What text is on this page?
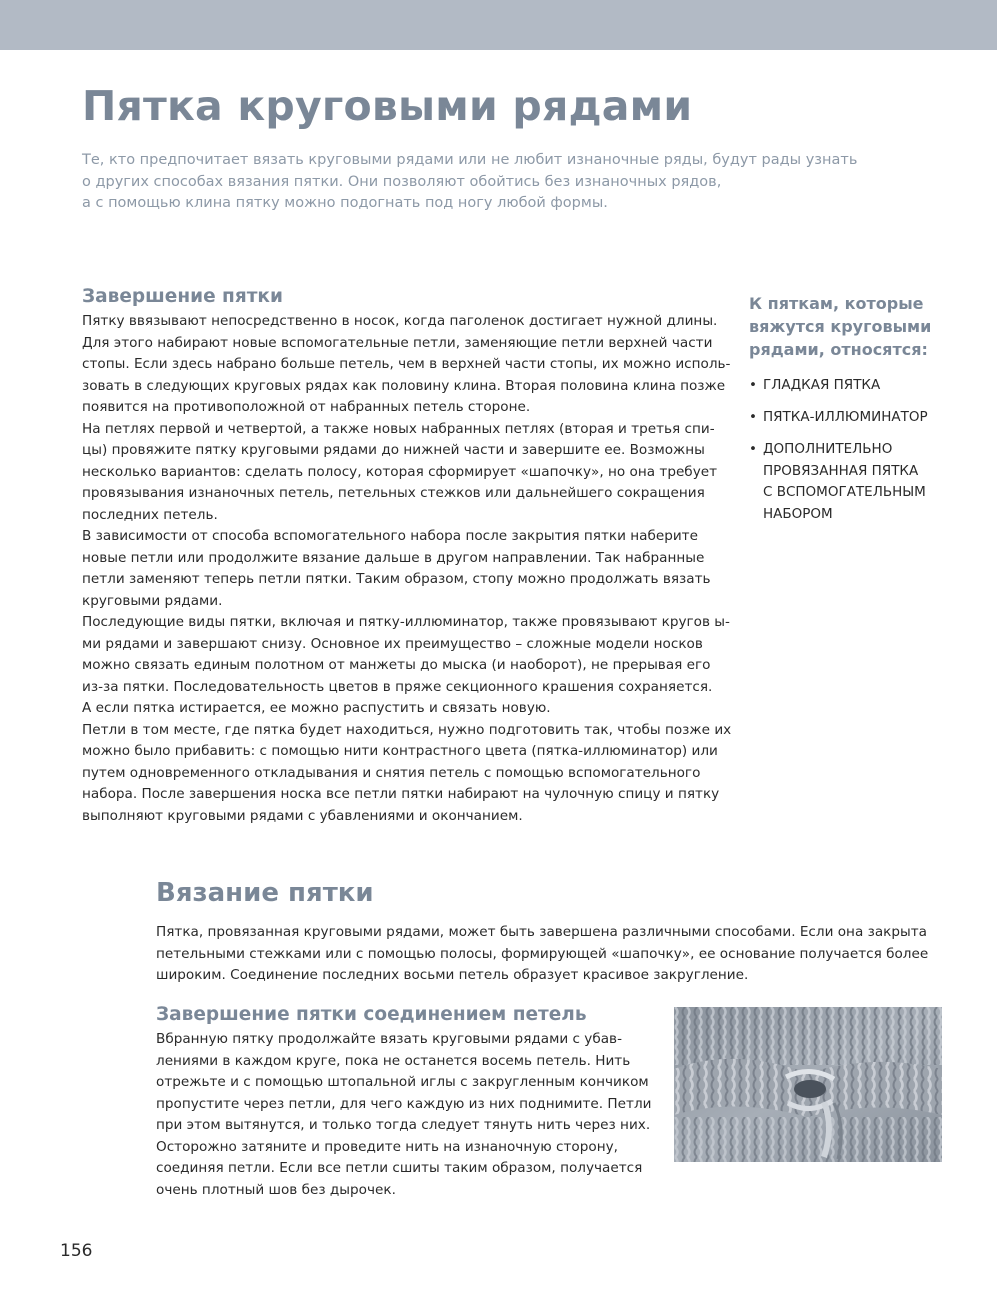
Пятка круговыми рядами
Те, кто предпочитает вязать круговыми рядами или не любит изнаночные ряды, будут рады узнать
о других способах вязания пятки. Они позволяют обойтись без изнаночных рядов,
а с помощью клина пятку можно подогнать под ногу любой формы.
Завершение пятки
Пятку ввязывают непосредственно в носок, когда паголенок достигает нужной длины.
Для этого набирают новые вспомогательные петли, заменяющие петли верхней части
стопы. Если здесь набрано больше петель, чем в верхней части стопы, их можно исполь-
зовать в следующих круговых рядах как половину клина. Вторая половина клина позже
появится на противоположной от набранных петель стороне.
На петлях первой и четвертой, а также новых набранных петлях (вторая и третья спи-
цы) провяжите пятку круговыми рядами до нижней части и завершите ее. Возможны
несколько вариантов: сделать полосу, которая сформирует «шапочку», но она требует
провязывания изнаночных петель, петельных стежков или дальнейшего сокращения
последних петель.
В зависимости от способа вспомогательного набора после закрытия пятки наберите
новые петли или продолжите вязание дальше в другом направлении. Так набранные
петли заменяют теперь петли пятки. Таким образом, стопу можно продолжать вязать
круговыми рядами.
Последующие виды пятки, включая и пятку-иллюминатор, также провязывают кругов ы-
ми рядами и завершают снизу. Основное их преимущество – сложные модели носков
можно связать единым полотном от манжеты до мыска (и наоборот), не прерывая его
из-за пятки. Последовательность цветов в пряже секционного крашения сохраняется.
А если пятка истирается, ее можно распустить и связать новую.
Петли в том месте, где пятка будет находиться, нужно подготовить так, чтобы позже их
можно было прибавить: с помощью нити контрастного цвета (пятка-иллюминатор) или
путем одновременного откладывания и снятия петель с помощью вспомогательного
набора. После завершения носка все петли пятки набирают на чулочную спицу и пятку
выполняют круговыми рядами с убавлениями и окончанием.
К пяткам, которые
вяжутся круговыми
рядами, относятся:
• ГЛАДКАЯ ПЯТКА
• ПЯТКА-ИЛЛЮМИНАТОР
• ДОПОЛНИТЕЛЬНО
ПРОВЯЗАННАЯ ПЯТКА
С ВСПОМОГАТЕЛЬНЫМ
НАБОРОМ
Вязание пятки
Пятка, провязанная круговыми рядами, может быть завершена различными способами. Если она закрыта
петельными стежками или с помощью полосы, формирующей «шапочку», ее основание получается более
широким. Соединение последних восьми петель образует красивое закругление.
Завершение пятки соединением петель
Вбранную пятку продолжайте вязать круговыми рядами с убав-
лениями в каждом круге, пока не останется восемь петель. Нить
отрежьте и с помощью штопальной иглы с закругленным кончиком
пропустите через петли, для чего каждую из них поднимите. Петли
при этом вытянутся, и только тогда следует тянуть нить через них.
Осторожно затяните и проведите нить на изнаночную сторону,
соединяя петли. Если все петли сшиты таким образом, получается
очень плотный шов без дырочек.
156
